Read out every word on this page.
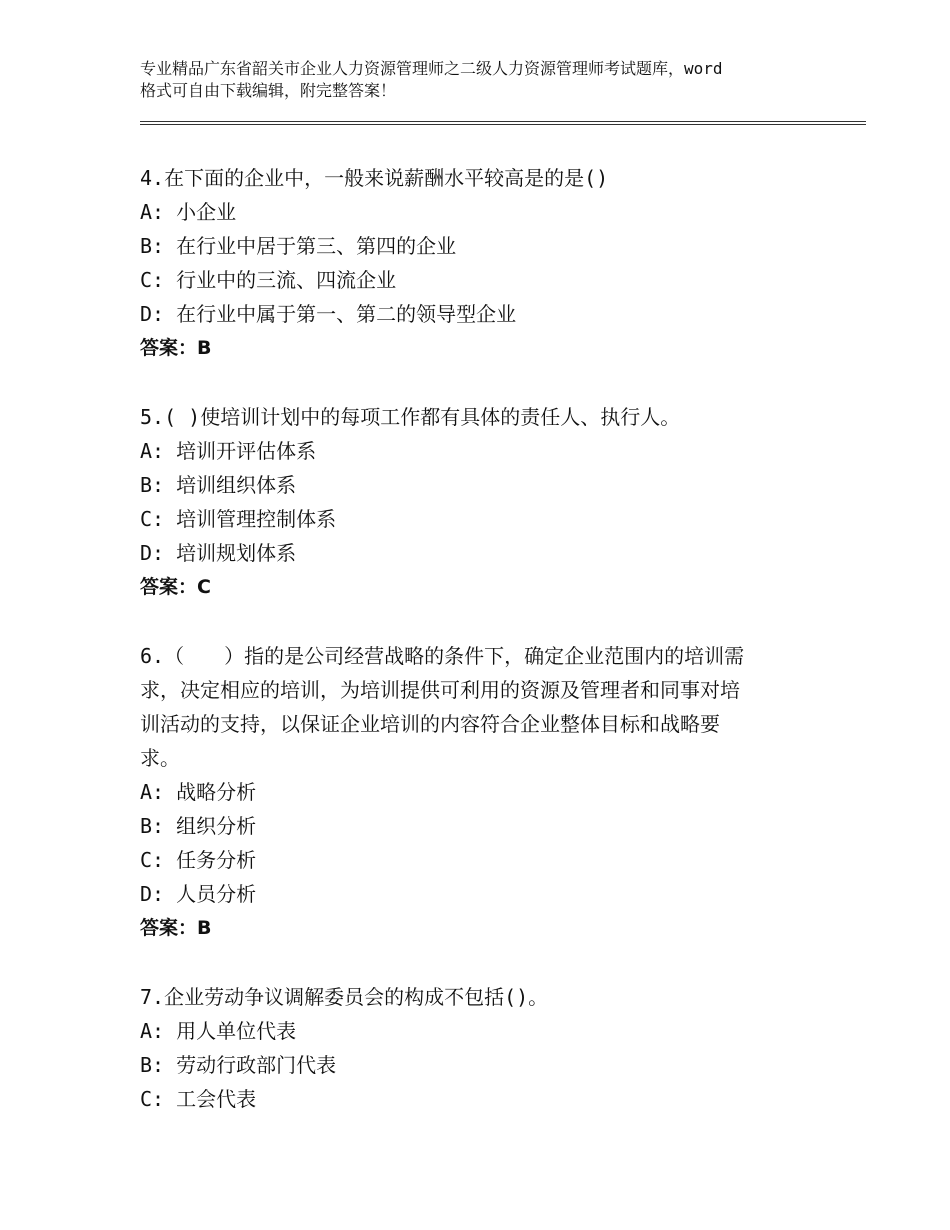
专业精品广东省韶关市企业人力资源管理师之二级人力资源管理师考试题库，word
格式可自由下载编辑，附完整答案！
4.在下面的企业中，一般来说薪酬水平较高是的是()
A: 小企业
B: 在行业中居于第三、第四的企业
C: 行业中的三流、四流企业
D: 在行业中属于第一、第二的领导型企业
答案：B
5.( )使培训计划中的每项工作都有具体的责任人、执行人。
A: 培训开评估体系
B: 培训组织体系
C: 培训管理控制体系
D: 培训规划体系
答案：C
6.（　　）指的是公司经营战略的条件下，确定企业范围内的培训需
求，决定相应的培训，为培训提供可利用的资源及管理者和同事对培
训活动的支持，以保证企业培训的内容符合企业整体目标和战略要
求。
A: 战略分析
B: 组织分析
C: 任务分析
D: 人员分析
答案：B
7.企业劳动争议调解委员会的构成不包括()。
A: 用人单位代表
B: 劳动行政部门代表
C: 工会代表
